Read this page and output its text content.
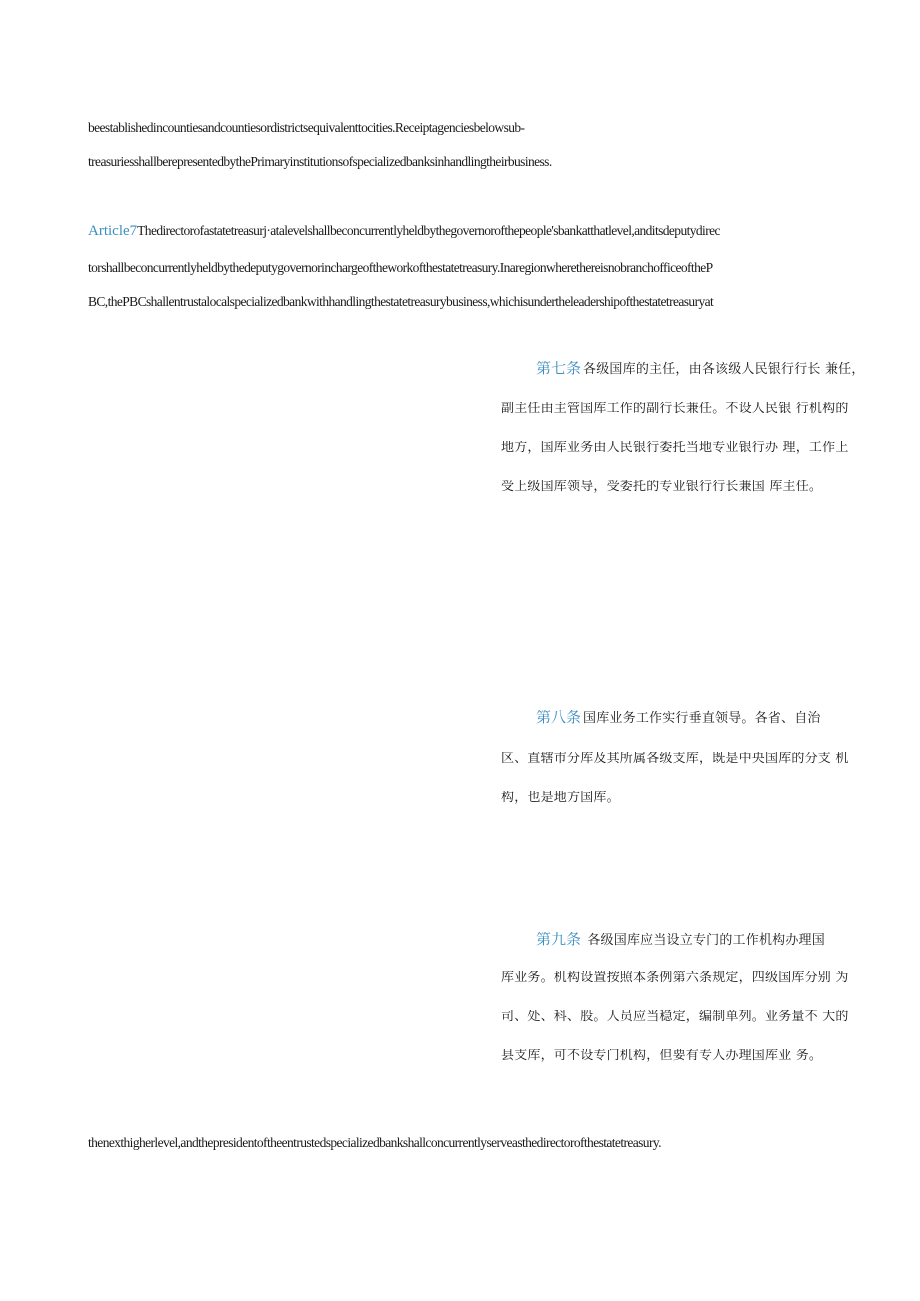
beestablishedincountiesandcountiesordistrictsequivalenttocities.Receiptagenciesbelowsub-
treasuriesshallberepresentedbythePrimaryinstitutionsofspecializedbanksinhandlingtheirbusiness.
Article7Thedirectorofastatetreasurj·atalevelshallbeconcurrentlyheldbythegovernorofthepeople'sbankatthatlevel,anditsdeputydirec
torshallbeconcurrentlyheldbythedeputygovernorinchargeoftheworkofthestatetreasury.InaregionwherethereisnobranchofficeoftheP
BC,thePBCshallentrustalocalspecializedbankwithhandlingthestatetreasurybusiness,whichisundertheleadershipofthestatetreasuryat
第七条 各级国库的主任，由各该级人民银行行长 兼任，
副主任由主管国库工作的副行长兼任。不设人民银 行机构的
地方，国库业务由人民银行委托当地专业银行办 理，工作上
受上级国库领导，受委托的专业银行行长兼国 库主任。
第八条 国库业务工作实行垂直领导。各省、自治
区、直辖市分库及其所属各级支库，既是中央国库的分支 机
构，也是地方国库。
第九条 各级国库应当设立专门的工作机构办理国
库业务。机构设置按照本条例第六条规定，四级国库分别 为
司、处、科、股。人员应当稳定，编制单列。业务量不 大的
县支库，可不设专门机构，但要有专人办理国库业 务。
thenexthigherlevel,andthepresidentoftheentrustedspecializedbankshallconcurrentlyserveasthedirectorofthestatetreasury.
